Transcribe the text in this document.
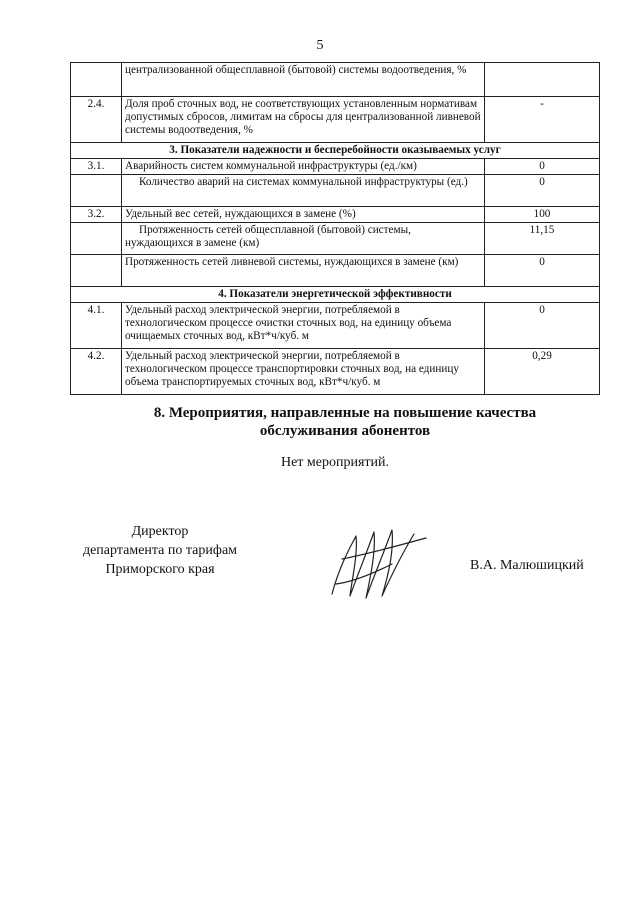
5
	централизованной общесплавной (бытовой) системы водоотведения, %	
2.4.	Доля проб сточных вод, не соответствующих установленным нормативам допустимых сбросов, лимитам на сбросы для централизованной ливневой системы водоотведения, %	-
3. Показатели надежности и бесперебойности оказываемых услуг		
3.1.	Аварийность систем коммунальной инфраструктуры (ед./км)	0
	Количество аварий на системах коммунальной инфраструктуры (ед.)	0
3.2.	Удельный вес сетей, нуждающихся в замене (%)	100
	Протяженность сетей общесплавной (бытовой) системы, нуждающихся в замене (км)	11,15
	Протяженность сетей ливневой системы, нуждающихся в замене (км)	0
4. Показатели энергетической эффективности		
4.1.	Удельный расход электрической энергии, потребляемой в технологическом процессе очистки сточных вод, на единицу объема очищаемых сточных вод, кВт*ч/куб. м	0
4.2.	Удельный расход электрической энергии, потребляемой в технологическом процессе транспортировки сточных вод, на единицу объема транспортируемых сточных вод, кВт*ч/куб. м	0,29
8. Мероприятия, направленные на повышение качества
обслуживания абонентов
Нет мероприятий.
Директор
департамента по тарифам
Приморского края	В.А. Малюшицкий
